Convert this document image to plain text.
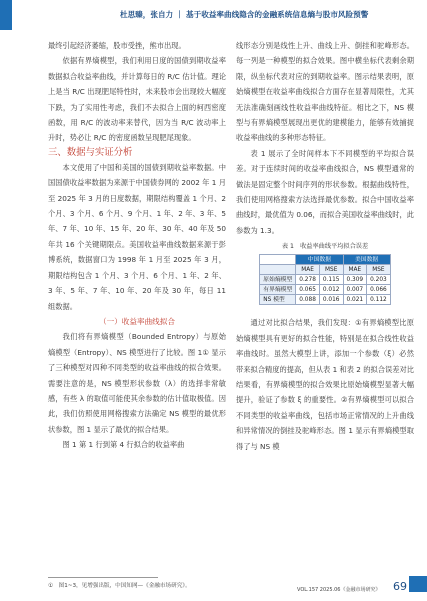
杜思臻，张自力 ｜ 基于收益率曲线隐含的金融系统信息熵与股市风险预警

最终引起经济萎缩，股市受挫，熊市出现。

依据有界熵模型，我们利用日度的国债到期收益率数据拟合收益率曲线，并计算每日的 R/C 估计值。理论上是当 R/C 出现肥尾特性时，未来股市会出现较大幅度下跌，为了实用性考虑，我们不去拟合上面的柯西密度函数，用 R/C 的波动率来替代，因为当 R/C 波动率上升时，势必让 R/C 的密度函数呈现肥尾现象。

三、数据与实证分析

本文使用了中国和美国的国债到期收益率数据。中国国债收益率数据为来源于中国债券网的 2002 年 1 月至 2025 年 3 月的日度数据，期限结构覆盖 1 个月、2 个月、3 个月、6 个月、9 个月、1 年、2 年、3 年、5 年、7 年、10 年、15 年、20 年、30 年、40 年及 50 年共 16 个关键期限点。美国收益率曲线数据来源于彭博系统，数据窗口为 1998 年 1 月至 2025 年 3 月，期限结构包含 1 个月、3 个月、6 个月、1 年、2 年、3 年、5 年、7 年、10 年、20 年及 30 年，每日 11 组数据。

（一）收益率曲线拟合

我们将有界熵模型（Bounded Entropy）与原始熵模型（Entropy）、NS 模型进行了比较。图 1① 显示了三种模型对四种不同类型的收益率曲线的拟合效果。需要注意的是，NS 模型形状参数（λ）的选择非常敏感，有些 λ 的取值可能使其余参数的估计值取极值。因此，我们仿照使用网格搜索方法确定 NS 模型的最优形状参数，图 1 显示了最优的拟合结果。

图 1 第 1 行到第 4 行拟合的收益率曲

线形态分别是线性上升、曲线上升、倒挂和驼峰形态。每一列是一种模型的拟合效果。图中横坐标代表剩余期限，纵坐标代表对应的到期收益率。图示结果表明，原始熵模型在收益率曲线拟合方面存在显著局限性，尤其无法准确刻画线性收益率曲线特征。相比之下，NS 模型与有界熵模型展现出更优的建模能力，能够有效捕捉收益率曲线的多种形态特征。

表 1 展示了全时间样本下不同模型的平均拟合误差。对于连续时间的收益率曲线拟合，NS 模型通常的做法是固定整个时间序列的形状参数。根据曲线特性，我们使用网格搜索方法选择最优参数。拟合中国收益率曲线时，最优值为 0.06，而拟合美国收益率曲线时，此参数为 1.3。

表 1　收益率曲线平均拟合误差
	中国数据		美国数据	
	MAE	MSE	MAE	MSE
原始熵模型	0.278	0.115	0.309	0.203
有界熵模型	0.065	0.012	0.007	0.066
NS 模型	0.088	0.016	0.021	0.112

通过对比拟合结果，我们发现：①有界熵模型比原始熵模型具有更好的拟合性能，特别是在拟合线性收益率曲线时。虽然大模型上讲，添加一个参数（ξ）必然带来拟合精度的提高，但从表 1 和表 2 的拟合误差对比结果看，有界熵模型的拟合效果比原始熵模型显著大幅提升，验证了参数 ξ 的重要性。②有界熵模型可以拟合不同类型的收益率曲线，包括市场正常情况的上升曲线和异常情况的倒挂及驼峰形态。图 1 显示有界熵模型取得了与 NS 模

①　图1~3，见增强出版，中国知网—《金融市场研究》。
VOL.157 2025.06《金融市场研究》 69
